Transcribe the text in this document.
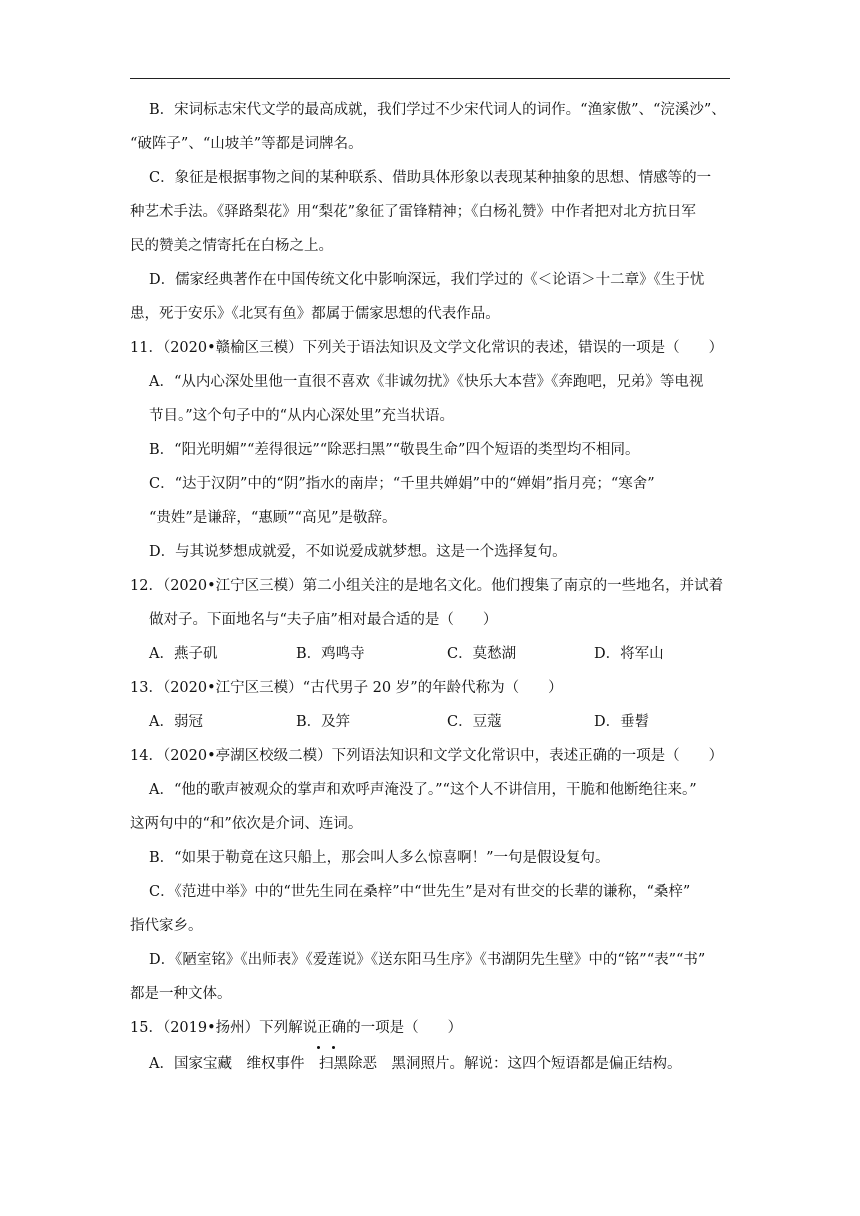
B．宋词标志宋代文学的最高成就，我们学过不少宋代词人的词作。“渔家傲”、“浣溪沙”、
“破阵子”、“山坡羊”等都是词牌名。
C．象征是根据事物之间的某种联系、借助具体形象以表现某种抽象的思想、情感等的一
种艺术手法。《驿路梨花》用“梨花”象征了雷锋精神；《白杨礼赞》中作者把对北方抗日军
民的赞美之情寄托在白杨之上。
D．儒家经典著作在中国传统文化中影响深远，我们学过的《＜论语＞十二章》《生于忧
患，死于安乐》《北冥有鱼》都属于儒家思想的代表作品。
11．（2020•赣榆区三模）下列关于语法知识及文学文化常识的表述，错误的一项是（　　）
A．“从内心深处里他一直很不喜欢《非诚勿扰》《快乐大本营》《奔跑吧，兄弟》等电视
节目。”这个句子中的“从内心深处里”充当状语。
B．“阳光明媚”“差得很远”“除恶扫黑”“敬畏生命”四个短语的类型均不相同。
C．“达于汉阴”中的“阴”指水的南岸；“千里共婵娟”中的“婵娟”指月亮；“寒舍”
“贵姓”是谦辞，“惠顾”“高见”是敬辞。
D．与其说梦想成就爱，不如说爱成就梦想。这是一个选择复句。
12．（2020•江宁区三模）第二小组关注的是地名文化。他们搜集了南京的一些地名，并试着
做对子。下面地名与“夫子庙”相对最合适的是（　　）
13．（2020•江宁区三模）“古代男子 20 岁”的年龄代称为（　　）
14．（2020•亭湖区校级二模）下列语法知识和文学文化常识中，表述正确的一项是（　　）
A．“他的歌声被观众的掌声和欢呼声淹没了。”“这个人不讲信用，干脆和他断绝往来。”
这两句中的“和”依次是介词、连词。
B．“如果于勒竟在这只船上，那会叫人多么惊喜啊！”一句是假设复句。
C．《范进中举》中的“世先生同在桑梓”中“世先生”是对有世交的长辈的谦称，“桑梓”
指代家乡。
D．《陋室铭》《出师表》《爱莲说》《送东阳马生序》《书湖阴先生壁》中的“铭”“表”“书”
都是一种文体。
15．（2019•扬州）下列解说正确的一项是（　　）
A．国家宝藏　维权事件　扫黑除恶　黑洞照片。解说：这四个短语都是偏正结构。
A．燕子矶	B．鸡鸣寺	C．莫愁湖	D．将军山
A．弱冠	B．及笄	C．豆蔻	D．垂髫
